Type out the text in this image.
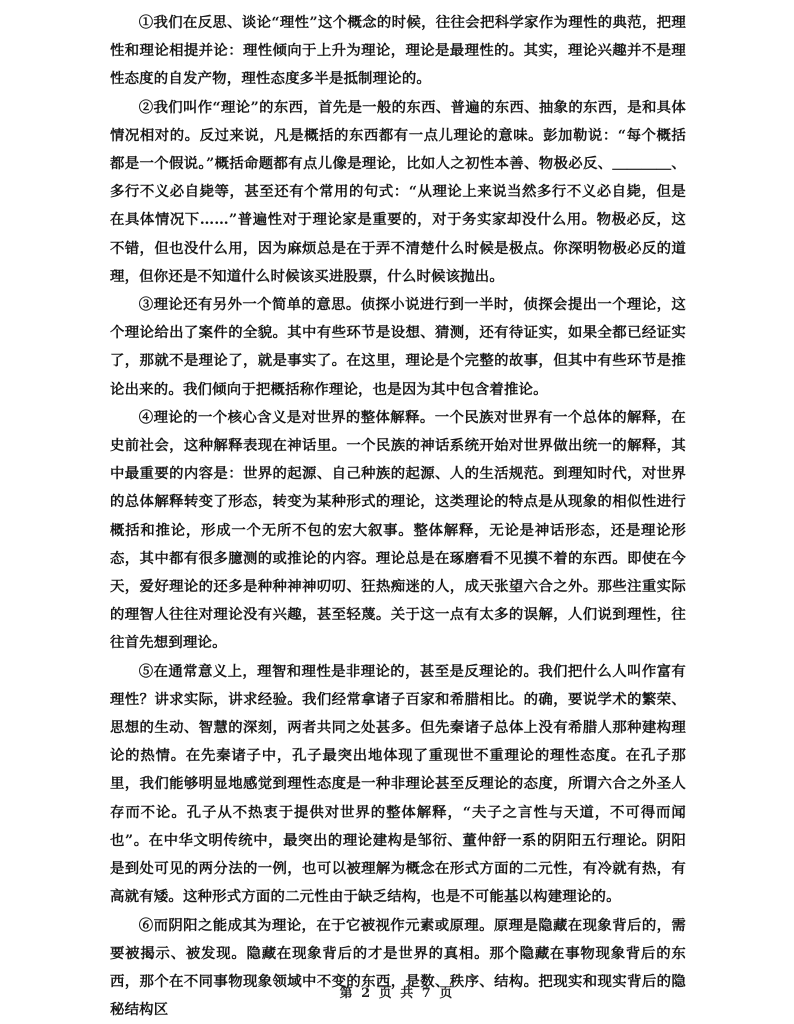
①我们在反思、谈论“理性”这个概念的时候，往往会把科学家作为理性的典范，把理性和理论相提并论：理性倾向于上升为理论，理论是最理性的。其实，理论兴趣并不是理性态度的自发产物，理性态度多半是抵制理论的。

②我们叫作“理论”的东西，首先是一般的东西、普遍的东西、抽象的东西，是和具体情况相对的。反过来说，凡是概括的东西都有一点儿理论的意味。彭加勒说：“每个概括都是一个假说。”概括命题都有点儿像是理论，比如人之初性本善、物极必反、＿＿＿＿、多行不义必自毙等，甚至还有个常用的句式：“从理论上来说当然多行不义必自毙，但是在具体情况下……”普遍性对于理论家是重要的，对于务实家却没什么用。物极必反，这不错，但也没什么用，因为麻烦总是在于弄不清楚什么时候是极点。你深明物极必反的道理，但你还是不知道什么时候该买进股票，什么时候该抛出。

③理论还有另外一个简单的意思。侦探小说进行到一半时，侦探会提出一个理论，这个理论给出了案件的全貌。其中有些环节是设想、猜测，还有待证实，如果全都已经证实了，那就不是理论了，就是事实了。在这里，理论是个完整的故事，但其中有些环节是推论出来的。我们倾向于把概括称作理论，也是因为其中包含着推论。

④理论的一个核心含义是对世界的整体解释。一个民族对世界有一个总体的解释，在史前社会，这种解释表现在神话里。一个民族的神话系统开始对世界做出统一的解释，其中最重要的内容是：世界的起源、自己种族的起源、人的生活规范。到理知时代，对世界的总体解释转变了形态，转变为某种形式的理论，这类理论的特点是从现象的相似性进行概括和推论，形成一个无所不包的宏大叙事。整体解释，无论是神话形态，还是理论形态，其中都有很多臆测的或推论的内容。理论总是在琢磨看不见摸不着的东西。即使在今天，爱好理论的还多是种种神神叨叨、狂热痴迷的人，成天张望六合之外。那些注重实际的理智人往往对理论没有兴趣，甚至轻蔑。关于这一点有太多的误解，人们说到理性，往往首先想到理论。

⑤在通常意义上，理智和理性是非理论的，甚至是反理论的。我们把什么人叫作富有理性？讲求实际，讲求经验。我们经常拿诸子百家和希腊相比。的确，要说学术的繁荣、思想的生动、智慧的深刻，两者共同之处甚多。但先秦诸子总体上没有希腊人那种建构理论的热情。在先秦诸子中，孔子最突出地体现了重现世不重理论的理性态度。在孔子那里，我们能够明显地感觉到理性态度是一种非理论甚至反理论的态度，所谓六合之外圣人存而不论。孔子从不热衷于提供对世界的整体解释，“夫子之言性与天道，不可得而闻也”。在中华文明传统中，最突出的理论建构是邹衍、董仲舒一系的阴阳五行理论。阴阳是到处可见的两分法的一例，也可以被理解为概念在形式方面的二元性，有冷就有热，有高就有矮。这种形式方面的二元性由于缺乏结构，也是不可能基以构建理论的。

⑥而阴阳之能成其为理论，在于它被视作元素或原理。原理是隐藏在现象背后的，需要被揭示、被发现。隐藏在现象背后的才是世界的真相。那个隐藏在事物现象背后的东西，那个在不同事物现象领域中不变的东西，是数、秩序、结构。把现实和现实背后的隐秘结构区

第 2 页 共 7 页
